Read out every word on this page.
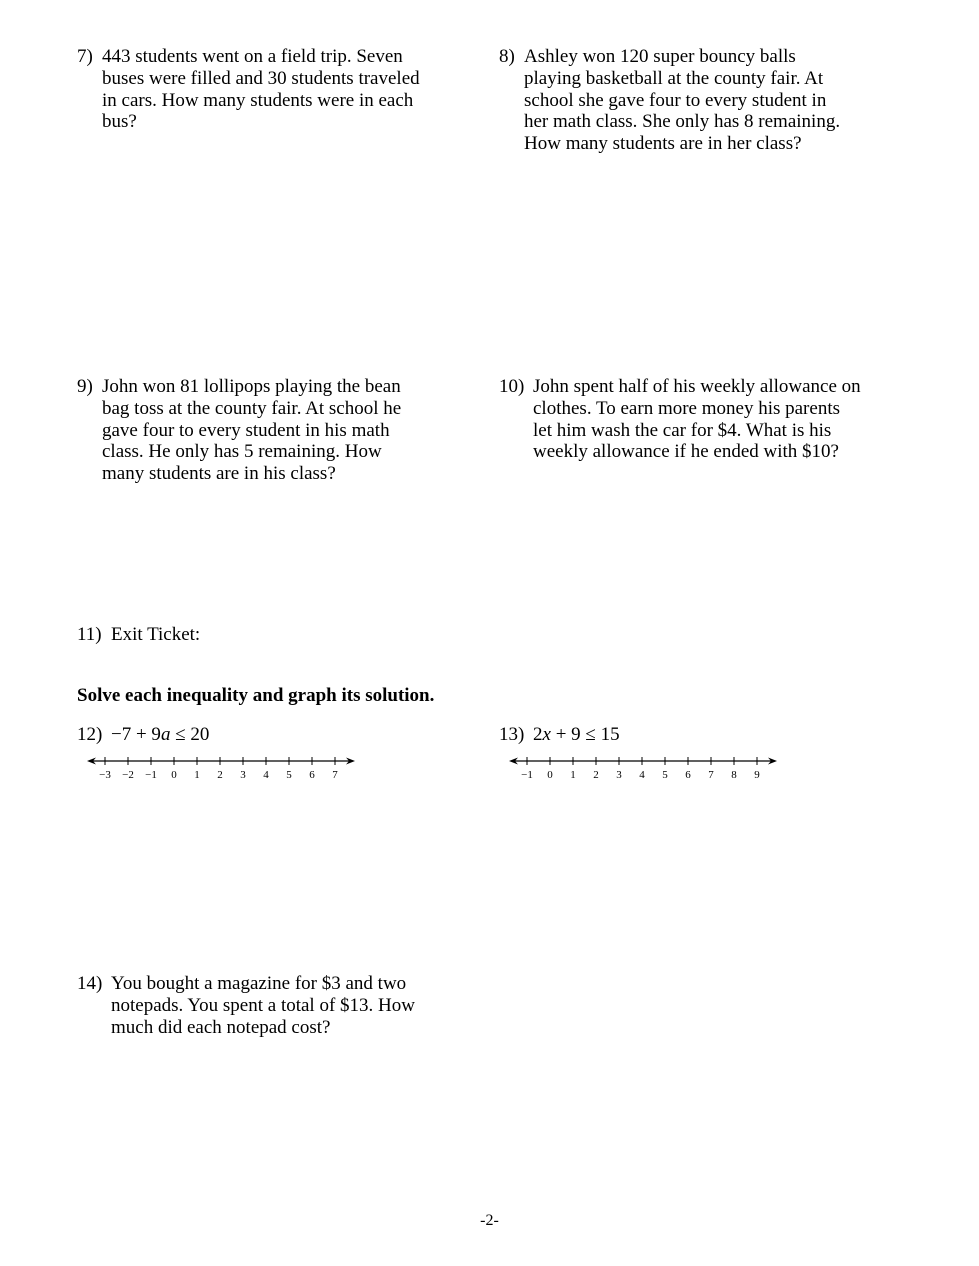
7) 443 students went on a field trip. Seven buses were filled and 30 students traveled in cars. How many students were in each bus?
8) Ashley won 120 super bouncy balls playing basketball at the county fair. At school she gave four to every student in her math class. She only has 8 remaining. How many students are in her class?
9) John won 81 lollipops playing the bean bag toss at the county fair. At school he gave four to every student in his math class. He only has 5 remaining. How many students are in his class?
10) John spent half of his weekly allowance on clothes. To earn more money his parents let him wash the car for $4. What is his weekly allowance if he ended with $10?
11) Exit Ticket:
Solve each inequality and graph its solution.
12) −7 + 9a ≤ 20
−3 −2 −1 0 1 2 3 4 5 6 7
13) 2x + 9 ≤ 15
−1 0 1 2 3 4 5 6 7 8 9
14) You bought a magazine for $3 and two notepads. You spent a total of $13. How much did each notepad cost?
-2-
